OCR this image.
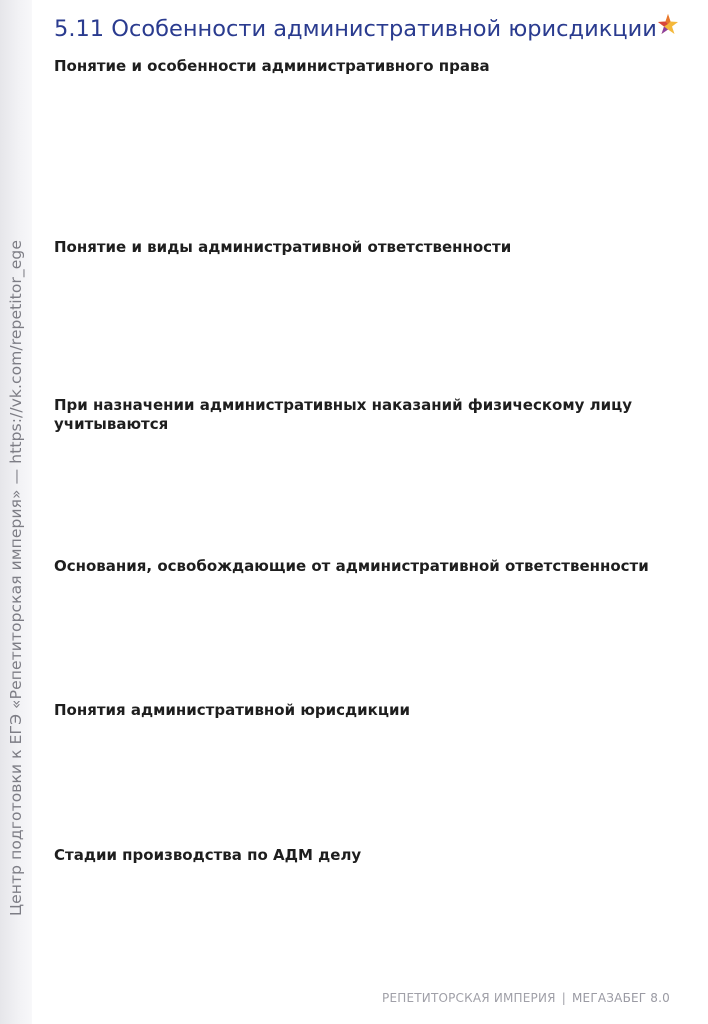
Центр подготовки к ЕГЭ «Репетиторская империя» — https://vk.com/repetitor_ege
5.11 Особенности административной юрисдикции

Понятие и особенности административного права

Понятие и виды административной ответственности

При назначении административных наказаний физическому лицу учитываются

Основания, освобождающие от административной ответственности

Понятия административной юрисдикции

Стадии производства по АДМ делу

РЕПЕТИТОРСКАЯ ИМПЕРИЯ | МЕГАЗАБЕГ 8.0
